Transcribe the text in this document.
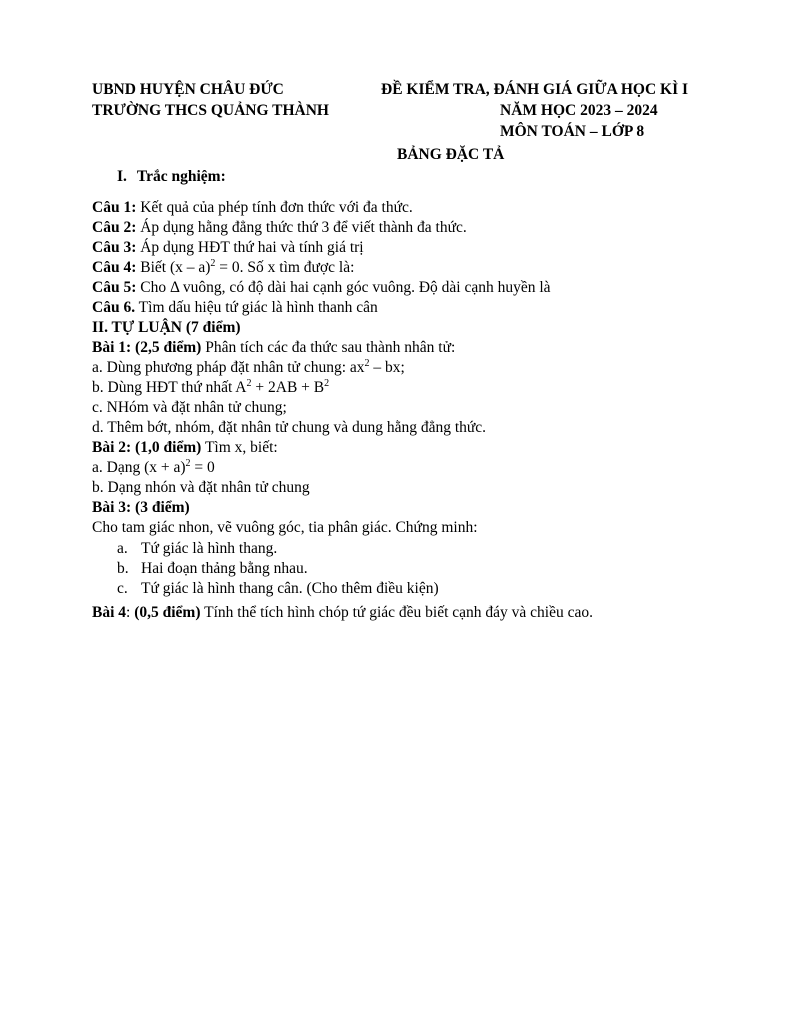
UBND HUYỆN CHÂU ĐỨC
TRƯỜNG THCS QUẢNG THÀNH
ĐỀ KIỂM TRA, ĐÁNH GIÁ GIỮA HỌC KÌ I
NĂM HỌC 2023 – 2024
MÔN TOÁN – LỚP 8
BẢNG ĐẶC TẢ
I. Trắc nghiệm:
Câu 1: Kết quả của phép tính đơn thức với đa thức.
Câu 2: Áp dụng hằng đẳng thức thứ 3 để viết thành đa thức.
Câu 3: Áp dụng HĐT thứ hai và tính giá trị
Câu 4: Biết (x – a)$^2$ = 0. Số x tìm được là:
Câu 5: Cho Δ vuông, có độ dài hai cạnh góc vuông. Độ dài cạnh huyền là
Câu 6. Tìm dấu hiệu tứ giác là hình thanh cân
II. TỰ LUẬN (7 điểm)
Bài 1: (2,5 điểm) Phân tích các đa thức sau thành nhân tử:
a. Dùng phương pháp đặt nhân tử chung: $ax^2$ – bx;
b. Dùng HĐT thứ nhất $A^2 + 2AB + B^2$
c. NHóm và đặt nhân tử chung;
d. Thêm bớt, nhóm, đặt nhân tử chung và dung hằng đẳng thức.
Bài 2: (1,0 điểm) Tìm x, biết:
a. Dạng $(x + a)^2 = 0$
b. Dạng nhón và đặt nhân tử chung
Bài 3: (3 điểm)
Cho tam giác nhon, vẽ vuông góc, tia phân giác. Chứng minh:
a. Tứ giác là hình thang.
b. Hai đoạn thảng bằng nhau.
c. Tứ giác là hình thang cân. (Cho thêm điều kiện)
Bài 4: (0,5 điểm) Tính thể tích hình chóp tứ giác đều biết cạnh đáy và chiều cao.
